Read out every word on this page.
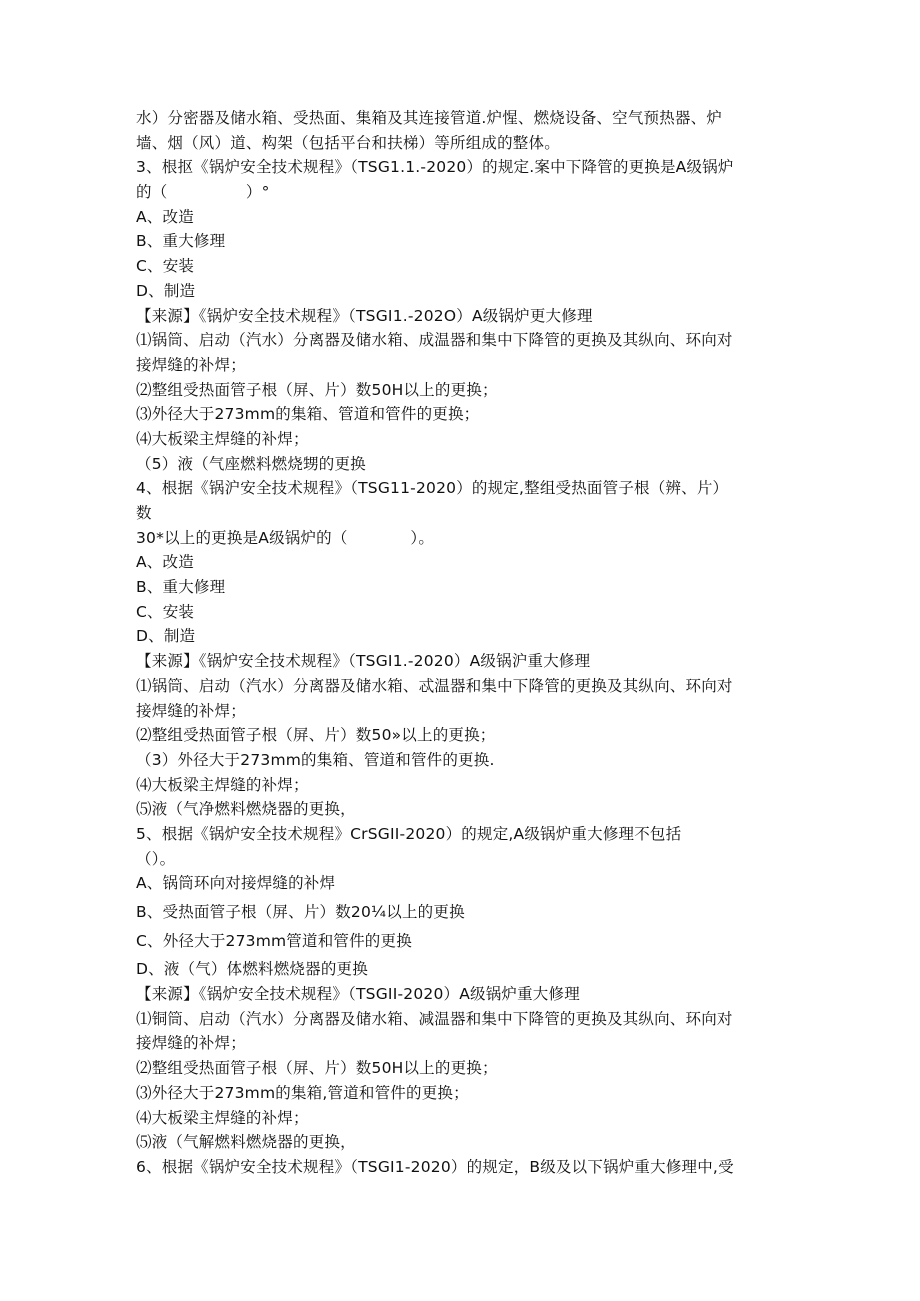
水）分密器及储水箱、受热面、集箱及其连接管道.炉惺、燃烧设备、空气预热器、炉
墙、烟（风）道、构架（包括平台和扶梯）等所组成的整体。
3、根抠《锅炉安全技术规程》（TSG1.1.-2020）的规定.案中下降管的更换是A级锅炉
的（　　　　　）°
A、改造
B、重大修理
C、安装
D、制造
【来源】《锅炉安全技术规程》（TSGI1.-202O）A级锅炉更大修理
⑴锅筒、启动（汽水）分离器及储水箱、成温器和集中下降管的更换及其纵向、环向对
接焊缝的补焊；
⑵整组受热面管子根（屏、片）数50H以上的更换；
⑶外径大于273mm的集箱、管道和管件的更换；
⑷大板梁主焊缝的补焊；
（5）液（气座燃料燃烧甥的更换
4、根据《锅沪安全技术规程》（TSG11-2020）的规定,整组受热面管子根（辨、片）
数
30*以上的更换是A级锅炉的（　　　　）。
A、改造
B、重大修理
C、安装
D、制造
【来源】《锅炉安全技术规程》（TSGI1.-2020）A级锅沪重大修理
⑴锅筒、启动（汽水）分离器及储水箱、忒温器和集中下降管的更换及其纵向、环向对
接焊缝的补焊；
⑵整组受热面管子根（屏、片）数50»以上的更换；
（3）外径大于273mm的集箱、管道和管件的更换.
⑷大板梁主焊缝的补焊；
⑸液（气净燃料燃烧器的更换，
5、根据《锅炉安全技术规程》CrSGII-2020）的规定,A级锅炉重大修理不包括
（）。
A、锅筒环向对接焊缝的补焊
B、受热面管子根（屏、片）数20¼以上的更换
C、外径大于273mm管道和管件的更换
D、液（气）体燃料燃烧器的更换
【来源】《锅炉安全技术规程》（TSGII-2020）A级锅炉重大修理
⑴铜筒、启动（汽水）分离器及储水箱、减温器和集中下降管的更换及其纵向、环向对
接焊缝的补焊；
⑵整组受热面管子根（屏、片）数50H以上的更换；
⑶外径大于273mm的集箱,管道和管件的更换；
⑷大板梁主焊缝的补焊；
⑸液（气解燃料燃烧器的更换，
6、根据《锅炉安全技术规程》（TSGI1-2020）的规定，B级及以下锅炉重大修理中,受
